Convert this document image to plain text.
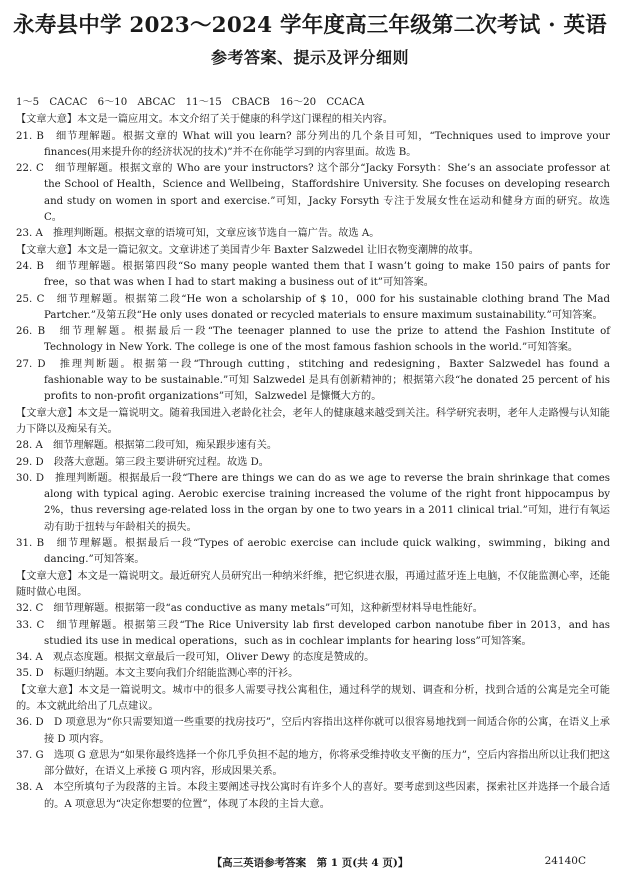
永寿县中学 2023～2024 学年度高三年级第二次考试 · 英语
参考答案、提示及评分细则
1～5　CACAC　6～10　ABCAC　11～15　CBACB　16～20　CCACA
【文章大意】本文是一篇应用文。本文介绍了关于健康的科学这门课程的相关内容。
21. B　细节理解题。根据文章的 What will you learn? 部分列出的几个条目可知，“Techniques used to improve your finances(用来提升你的经济状况的技术)”并不在你能学习到的内容里面。故选 B。
22. C　细节理解题。根据文章的 Who are your instructors? 这个部分“Jacky Forsyth：She’s an associate professor at the School of Health，Science and Wellbeing，Staffordshire University. She focuses on developing research and study on women in sport and exercise.”可知，Jacky Forsyth 专注于发展女性在运动和健身方面的研究。故选 C。
23. A　推理判断题。根据文章的语境可知，文章应该节选自一篇广告。故选 A。
【文章大意】本文是一篇记叙文。文章讲述了美国青少年 Baxter Salzwedel 让旧衣物变潮牌的故事。
24. B　细节理解题。根据第四段“So many people wanted them that I wasn’t going to make 150 pairs of pants for free，so that was when I had to start making a business out of it”可知答案。
25. C　细节理解题。根据第二段“He won a scholarship of $ 10，000 for his sustainable clothing brand The Mad Partcher.”及第五段“He only uses donated or recycled materials to ensure maximum sustainability.”可知答案。
26. B　细节理解题。根据最后一段“The teenager planned to use the prize to attend the Fashion Institute of Technology in New York. The college is one of the most famous fashion schools in the world.”可知答案。
27. D　推理判断题。根据第一段“Through cutting，stitching and redesigning，Baxter Salzwedel has found a fashionable way to be sustainable.”可知 Salzwedel 是具有创新精神的；根据第六段“he donated 25 percent of his profits to non-profit organizations”可知，Salzwedel 是慷慨大方的。
【文章大意】本文是一篇说明文。随着我国进入老龄化社会，老年人的健康越来越受到关注。科学研究表明，老年人走路慢与认知能力下降以及痴呆有关。
28. A　细节理解题。根据第二段可知，痴呆跟步速有关。
29. D　段落大意题。第三段主要讲研究过程。故选 D。
30. D　推理判断题。根据最后一段“There are things we can do as we age to reverse the brain shrinkage that comes along with typical aging. Aerobic exercise training increased the volume of the right front hippocampus by 2%，thus reversing age-related loss in the organ by one to two years in a 2011 clinical trial.”可知，进行有氧运动有助于扭转与年龄相关的损失。
31. B　细节理解题。根据最后一段“Types of aerobic exercise can include quick walking，swimming，biking and dancing.”可知答案。
【文章大意】本文是一篇说明文。最近研究人员研究出一种纳米纤维，把它织进衣服，再通过蓝牙连上电脑，不仅能监测心率，还能随时做心电图。
32. C　细节理解题。根据第一段“as conductive as many metals”可知，这种新型材料导电性能好。
33. C　细节理解题。根据第三段“The Rice University lab first developed carbon nanotube fiber in 2013，and has studied its use in medical operations，such as in cochlear implants for hearing loss”可知答案。
34. A　观点态度题。根据文章最后一段可知，Oliver Dewy 的态度是赞成的。
35. D　标题归纳题。本文主要向我们介绍能监测心率的汗衫。
【文章大意】本文是一篇说明文。城市中的很多人需要寻找公寓租住，通过科学的规划、调查和分析，找到合适的公寓是完全可能的。本文就此给出了几点建议。
36. D　D 项意思为“你只需要知道一些重要的找房技巧”，空后内容指出这样你就可以很容易地找到一间适合你的公寓，在语义上承接 D 项内容。
37. G　选项 G 意思为“如果你最终选择一个你几乎负担不起的地方，你将承受维持收支平衡的压力”，空后内容指出所以让我们把这部分做好，在语义上承接 G 项内容，形成因果关系。
38. A　本空所填句子为段落的主旨。本段主要阐述寻找公寓时有许多个人的喜好。要考虑到这些因素，探索社区并选择一个最合适的。A 项意思为“决定你想要的位置”，体现了本段的主旨大意。
【高三英语参考答案　第 1 页(共 4 页)】	24140C
